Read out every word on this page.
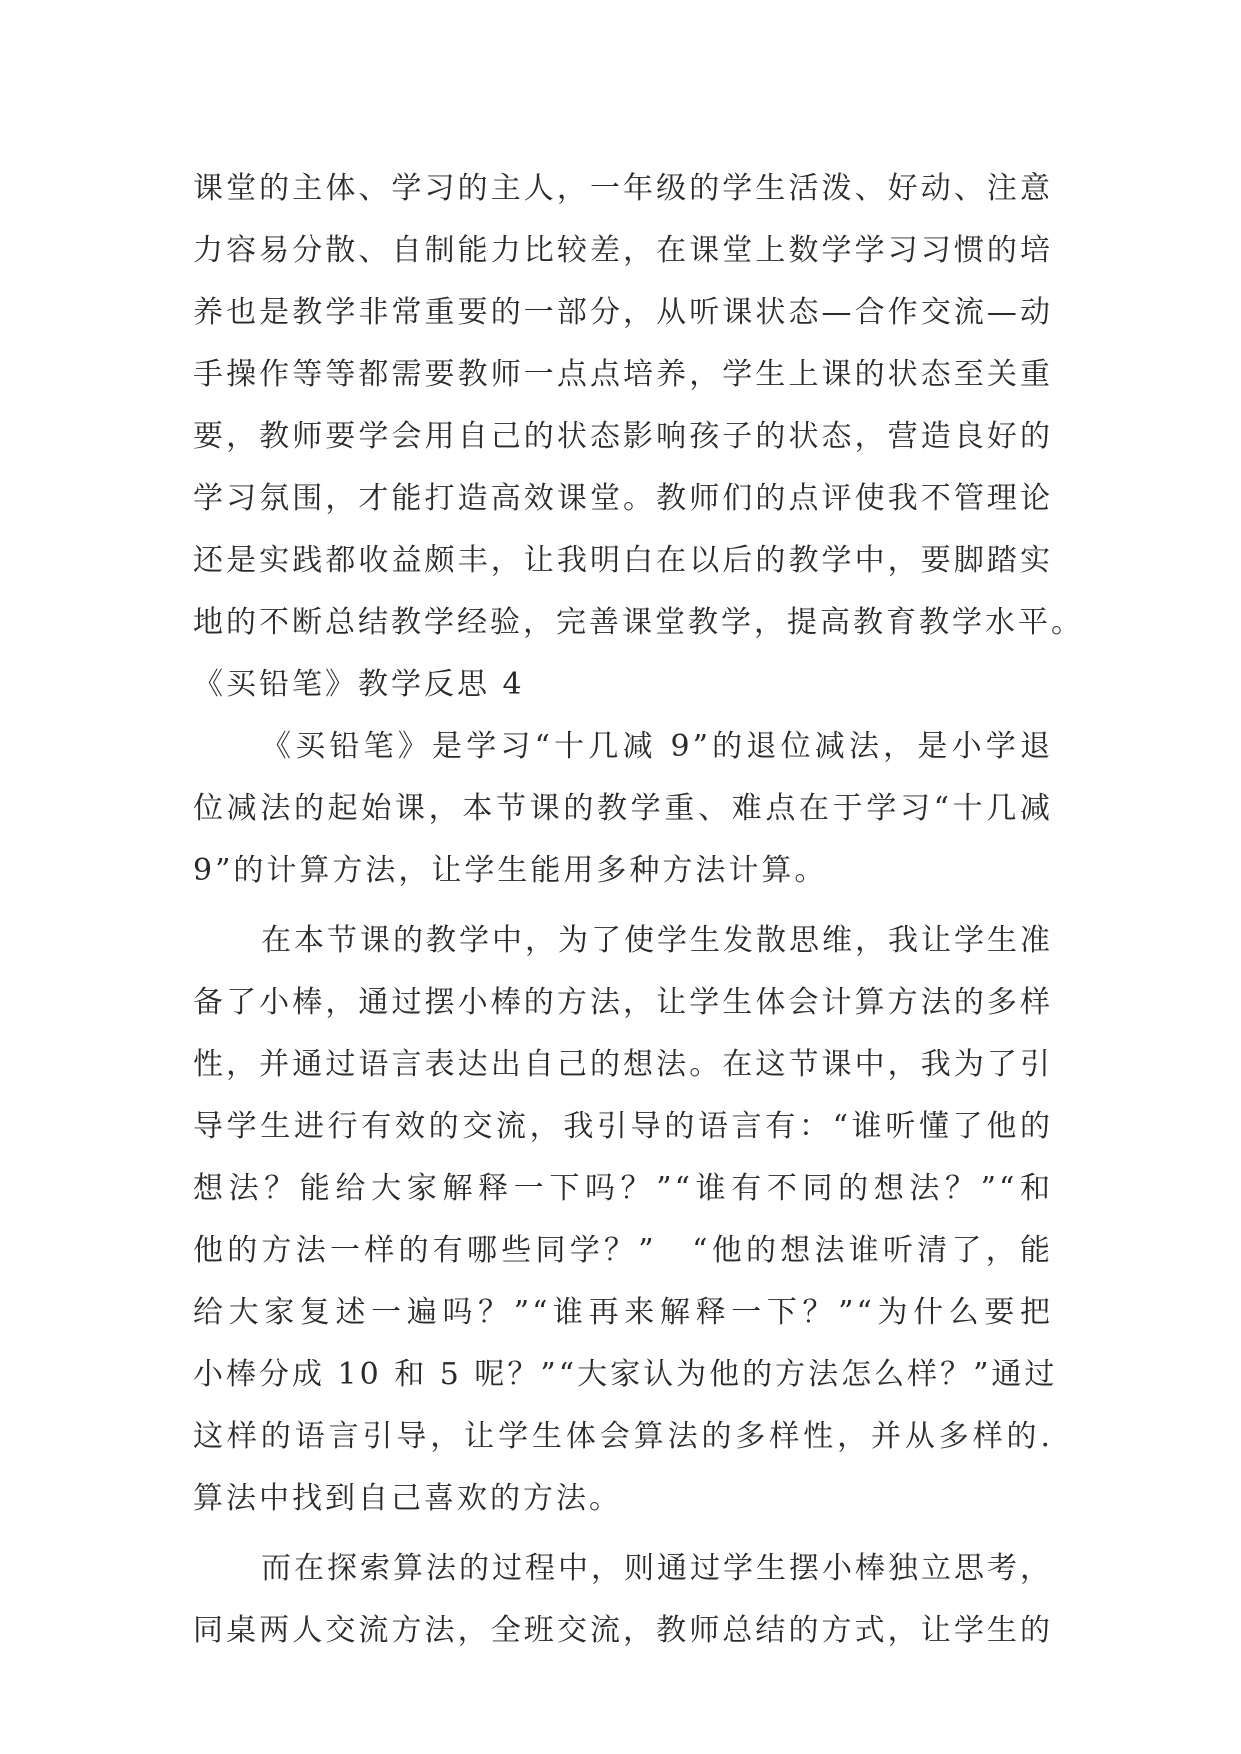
课堂的主体、学习的主人，一年级的学生活泼、好动、注意
力容易分散、自制能力比较差，在课堂上数学学习习惯的培
养也是教学非常重要的一部分，从听课状态—合作交流—动
手操作等等都需要教师一点点培养，学生上课的状态至关重
要，教师要学会用自己的状态影响孩子的状态，营造良好的
学习氛围，才能打造高效课堂。教师们的点评使我不管理论
还是实践都收益颇丰，让我明白在以后的教学中，要脚踏实
地的不断总结教学经验，完善课堂教学，提高教育教学水平。
《买铅笔》教学反思 4
《买铅笔》是学习“十几减 9”的退位减法，是小学退
位减法的起始课，本节课的教学重、难点在于学习“十几减
9”的计算方法，让学生能用多种方法计算。
在本节课的教学中，为了使学生发散思维，我让学生准
备了小棒，通过摆小棒的方法，让学生体会计算方法的多样
性，并通过语言表达出自己的想法。在这节课中，我为了引
导学生进行有效的交流，我引导的语言有：“谁听懂了他的
想法？能给大家解释一下吗？”“谁有不同的想法？”“和
他的方法一样的有哪些同学？”　“他的想法谁听清了，能
给大家复述一遍吗？”“谁再来解释一下？”“为什么要把
小棒分成 10 和 5 呢？”“大家认为他的方法怎么样？”通过
这样的语言引导，让学生体会算法的多样性，并从多样的.
算法中找到自己喜欢的方法。
而在探索算法的过程中，则通过学生摆小棒独立思考，
同桌两人交流方法，全班交流，教师总结的方式，让学生的
